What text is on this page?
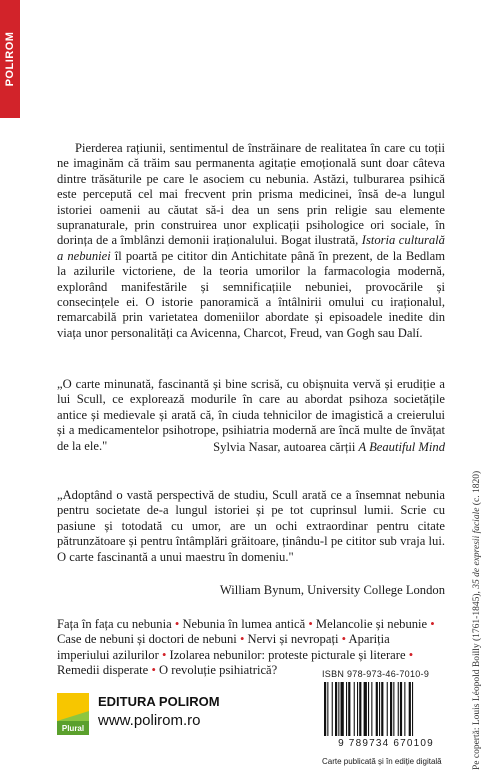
POLIROM

Pierderea rațiunii, sentimentul de înstrăinare de realitatea în care cu toții ne imaginăm că trăim sau permanenta agitație emoțională sunt doar câteva dintre trăsăturile pe care le asociem cu nebunia. Astăzi, tulburarea psihică este percepută cel mai frecvent prin prisma medicinei, însă de-a lungul istoriei oamenii au căutat să-i dea un sens prin religie sau elemente supranaturale, prin construirea unor explicații psihologice ori sociale, în dorința de a îmblânzi demonii iraționalului. Bogat ilustrată, Istoria culturală a nebuniei îl poartă pe cititor din Antichitate până în prezent, de la Bedlam la azilurile victoriene, de la teoria umorilor la farmacologia modernă, explorând manifestările și semnificațiile nebuniei, provocările și consecințele ei. O istorie panoramică a întâlnirii omului cu iraționalul, remarcabilă prin varietatea domeniilor abordate și episoadele inedite din viața unor personalități ca Avicenna, Charcot, Freud, van Gogh sau Dalí.

„O carte minunată, fascinantă și bine scrisă, cu obișnuita vervă și erudiție a lui Scull, ce explorează modurile în care au abordat psihoza societățile antice și medievale și arată că, în ciuda tehnicilor de imagistică a creierului și a medicamentelor psihotrope, psihiatria modernă are încă multe de învățat de la ele."	Sylvia Nasar, autoarea cărții A Beautiful Mind

„Adoptând o vastă perspectivă de studiu, Scull arată ce a însemnat nebunia pentru societate de-a lungul istoriei și pe tot cuprinsul lumii. Scrie cu pasiune și totodată cu umor, are un ochi extraordinar pentru citate pătrunzătoare și pentru întâmplări grăitoare, ținându-l pe cititor sub vraja lui. O carte fascinantă a unui maestru în domeniu."

William Bynum, University College London

Fața în fața cu nebunia • Nebunia în lumea antică • Melancolie și nebunie • Case de nebuni și doctori de nebuni • Nervi și nevropați • Apariția imperiului azilurilor • Izolarea nebunilor: proteste picturale și literare • Remedii disperate • O revoluție psihiatrică?	Pe copertă: Louis Léopold Boilly (1761-1845), 35 de expresii faciale (c. 1820)
Plural
EDITURA POLIROM
www.polirom.ro
ISBN 978-973-46-7010-9
9 789734 670109
Carte publicată și în ediție digitală
